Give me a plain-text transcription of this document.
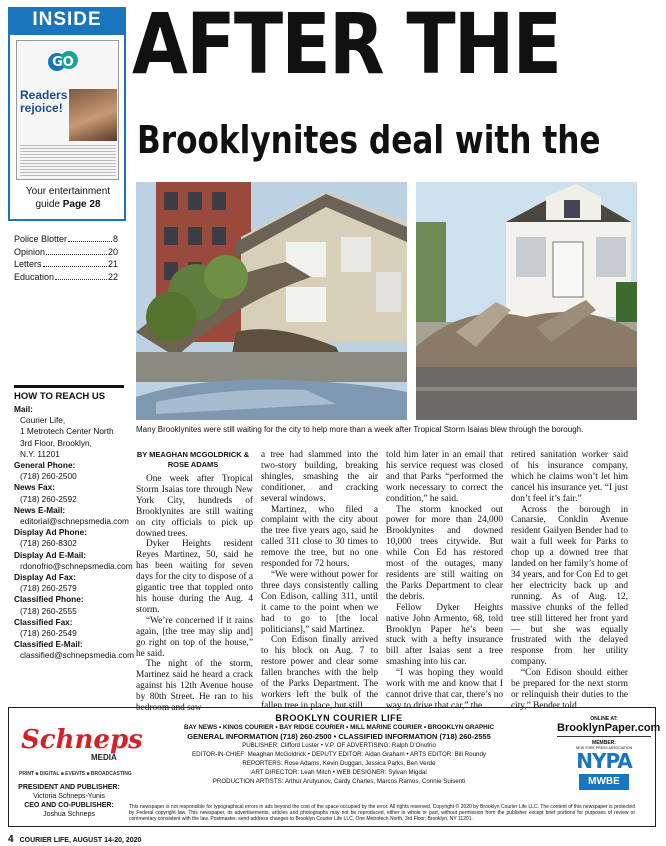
INSIDE
GO
Readers rejoice!
Your entertainment
guide Page 28
Police Blotter	8
Opinion	20
Letters	21
Education	22
HOW TO REACH US
Mail:
Courier Life,
1 Metrotech Center North
3rd Floor, Brooklyn,
N.Y. 11201
General Phone:
(718) 260-2500
News Fax:
(718) 260-2592
News E-Mail:
editorial@schnepsmedia.com
Display Ad Phone:
(718) 260-8302
Display Ad E-Mail:
rdonofrio@schnepsmedia.com
Display Ad Fax:
(718) 260-2579
Classified Phone:
(718) 260-2555
Classified Fax:
(718) 260-2549
Classified E-Mail:
classified@schnepsmedia.com
AFTER THE
Brooklynites deal with the
Many Brooklynites were still waiting for the city to help more than a week after Tropical Storm Isaias blew through the borough.
BY MEAGHAN MCGOLDRICK &
ROSE ADAMS

One week after Tropical Storm Isaias tore through New York City, hundreds of Brooklynites are still waiting on city officials to pick up downed trees.

Dyker Heights resident Reyes Martinez, 50, said he has been waiting for seven days for the city to dispose of a gigantic tree that toppled onto his house during the Aug. 4 storm.

“We’re concerned if it rains again, [the tree may slip and] go right on top of the house,” he said.

The night of the storm, Martinez said he heard a crack against his 12th Avenue house by 80th Street. He ran to his bedroom and saw

a tree had slammed into the two-story building, breaking shingles, smashing the air conditioner, and cracking several windows.

Martinez, who filed a complaint with the city about the tree five years ago, said he called 311 close to 30 times to remove the tree, but no one responded for 72 hours.

“We were without power for three days consistently calling Con Edison, calling 311, until it came to the point when we had to go to [the local politicians],” said Martinez.

Con Edison finally arrived to his block on Aug. 7 to restore power and clear some fallen branches with the help of the Parks Department. The workers left the bulk of the fallen tree in place, but still

told him later in an email that his service request was closed and that Parks “performed the work necessary to correct the condition,” he said.

The storm knocked out power for more than 24,000 Brooklynites and downed 10,000 trees citywide. But while Con Ed has restored most of the outages, many residents are still waiting on the Parks Department to clear the debris.

Fellow Dyker Heights native John Armento, 68, told Brooklyn Paper he’s been stuck with a hefty insurance bill after Isaias sent a tree smashing into his car.

“I was hoping they would work with me and know that I cannot drive that car, there’s no way to drive that car,” the

retired sanitation worker said of his insurance company, which he claims won’t let him cancel his insurance yet. “I just don’t feel it’s fair.”

Across the borough in Canarsie, Conklin Avenue resident Gailyen Bender had to wait a full week for Parks to chop up a downed tree that landed on her family’s home of 34 years, and for Con Ed to get her electricity back up and running. As of Aug. 12, massive chunks of the felled tree still littered her front yard — but she was equally frustrated with the delayed response from her utility company.

“Con Edison should either be prepared for the next storm or relinquish their duties to the city,” Bender told

Schneps
MEDIA
PRINT ■ DIGITAL ■ EVENTS ■ BROADCASTING
PRESIDENT AND PUBLISHER:
Victoria Schneps-Yunis
CEO AND CO-PUBLISHER:
Joshua Schneps
BROOKLYN COURIER LIFE
BAY NEWS • KINGS COURIER • BAY RIDGE COURIER • MILL MARINE COURIER • BROOKLYN GRAPHIC
GENERAL INFORMATION (718) 260-2500 • CLASSIFIED INFORMATION (718) 260-2555
PUBLISHER: Clifford Luster • V.P. OF ADVERTISING: Ralph D’Onofrio
EDITOR-IN-CHIEF: Meaghan McGoldrick • DEPUTY EDITOR: Aidan Graham • ARTS EDITOR: Bill Roundy
REPORTERS: Rose Adams, Kevin Duggan, Jessica Parks, Ben Verde
ART DIRECTOR: Leah Mitch • WEB DESIGNER: Sylvan Migdal
PRODUCTION ARTISTS: Arthur Arutyunov, Cardy Charles, Marcos Ramos, Connie Suisenti
ONLINE AT:
BrooklynPaper.com
MEMBER:
NEW YORK PRESS ASSOCIATION
NYPA
MWBE
This newspaper is not responsible for typographical errors in ads beyond the cost of the space occupied by the error. All rights reserved. Copyright © 2020 by Brooklyn Courier Life LLC. The content of this newspaper is protected by Federal copyright law. This newspaper, its advertisements, articles and photographs may not be reproduced, either in whole or part, without permission from the publisher except brief portions for purposes of review or commentary consistent with the law. Postmaster, send address changes to Brooklyn Courier Life LLC, One Metrotech North, 3rd Floor, Brooklyn, NY 11201.
4 COURIER LIFE, AUGUST 14-20, 2020
